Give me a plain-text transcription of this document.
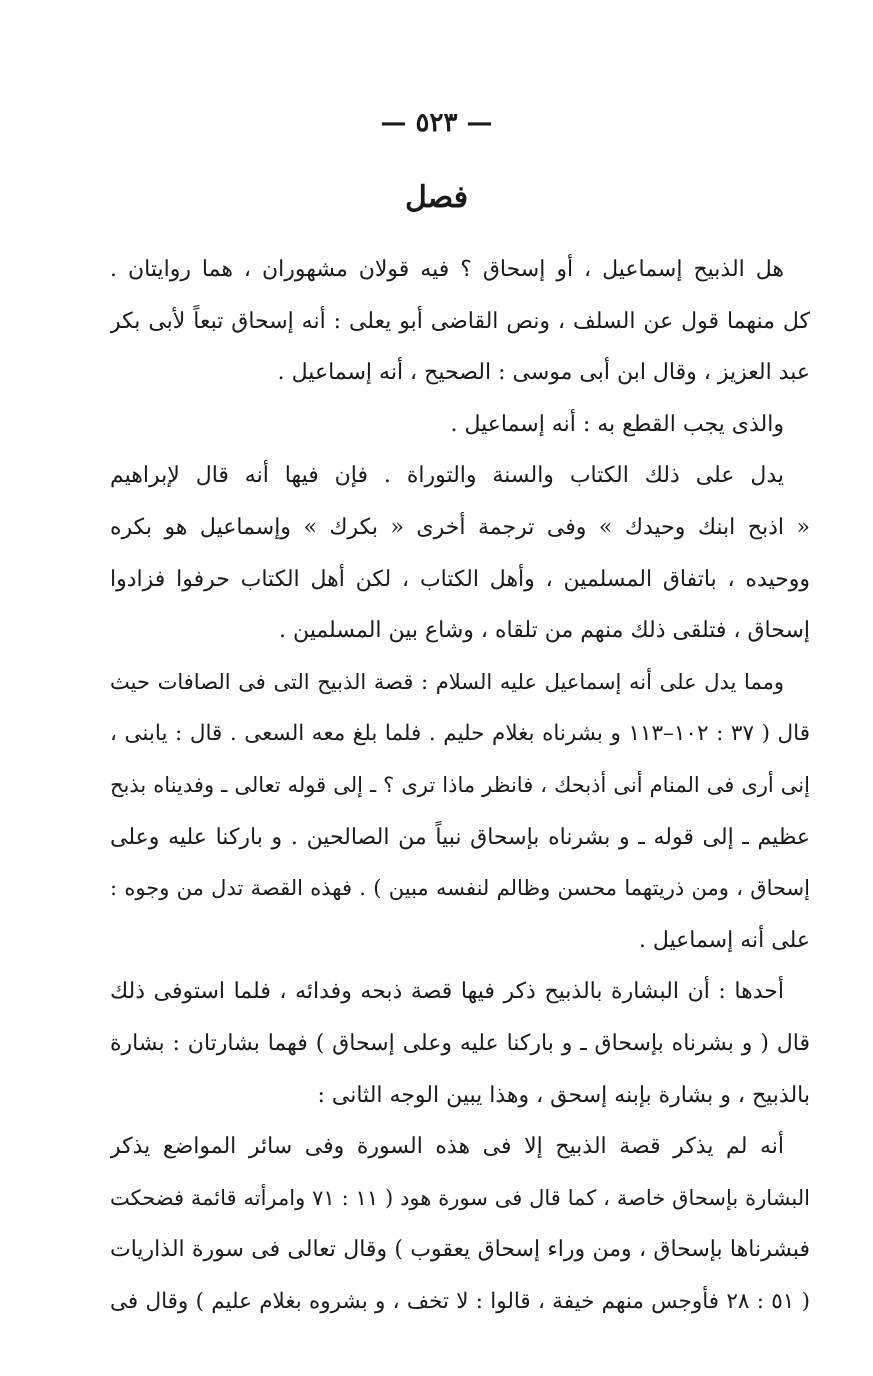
— ٥٢٣ —
فصل

هل الذبيح إسماعيل ، أو إسحاق ؟ فيه قولان مشهوران ، هما روايتان .
كل منهما قول عن السلف ، ونص القاضى أبو يعلى : أنه إسحاق تبعاً لأبى بكر
عبد العزيز ، وقال ابن أبى موسى : الصحيح ، أنه إسماعيل .

والذى يجب القطع به : أنه إسماعيل .

يدل على ذلك الكتاب والسنة والتوراة . فإن فيها أنه قال لإبراهيم
« اذبح ابنك وحيدك » وفى ترجمة أخرى « بكرك » وإسماعيل هو بكره
ووحيده ، باتفاق المسلمين ، وأهل الكتاب ، لكن أهل الكتاب حرفوا فزادوا
إسحاق ، فتلقى ذلك منهم من تلقاه ، وشاع بين المسلمين .

ومما يدل على أنه إسماعيل عليه السلام : قصة الذبيح التى فى الصافات حيث
قال ( ٣٧ : ١٠٢–١١٣ و بشرناه بغلام حليم . فلما بلغ معه السعى . قال : يابنى ،
إنى أرى فى المنام أنى أذبحك ، فانظر ماذا ترى ؟ ـ إلى قوله تعالى ـ وفديناه بذبح
عظيم ـ إلى قوله ـ و بشرناه بإسحاق نبياً من الصالحين . و باركنا عليه وعلى
إسحاق ، ومن ذريتهما محسن وظالم لنفسه مبين ) . فهذه القصة تدل من وجوه :
على أنه إسماعيل .

أحدها : أن البشارة بالذبيح ذكر فيها قصة ذبحه وفدائه ، فلما استوفى ذلك
قال ( و بشرناه بإسحاق ـ و باركنا عليه وعلى إسحاق ) فهما بشارتان : بشارة
بالذبيح ، و بشارة بإبنه إسحق ، وهذا يبين الوجه الثانى :

أنه لم يذكر قصة الذبيح إلا فى هذه السورة وفى سائر المواضع يذكر
البشارة بإسحاق خاصة ، كما قال فى سورة هود ( ١١ : ٧١ وامرأته قائمة فضحكت
فبشرناها بإسحاق ، ومن وراء إسحاق يعقوب ) وقال تعالى فى سورة الذاريات
( ٥١ : ٢٨ فأوجس منهم خيفة ، قالوا : لا تخف ، و بشروه بغلام عليم ) وقال فى
